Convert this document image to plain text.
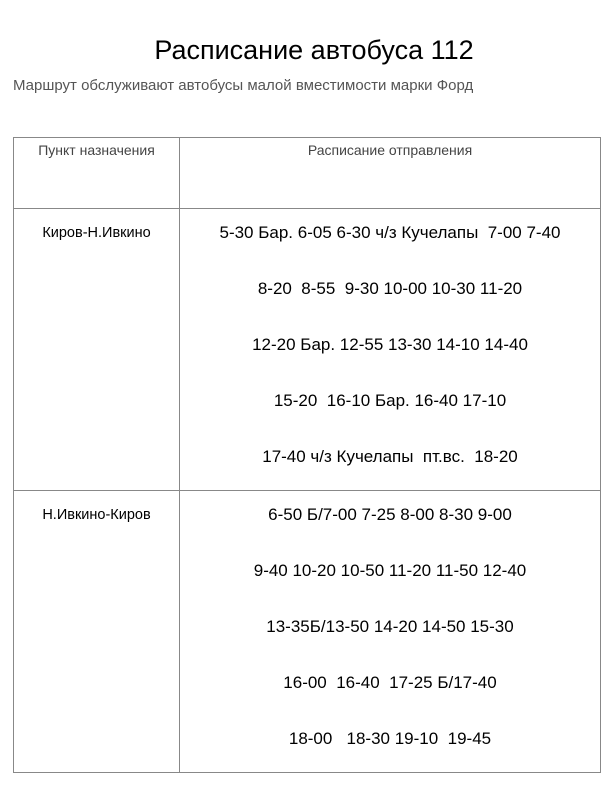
Расписание автобуса 112

Маршрут обслуживают автобусы малой вместимости марки Форд

Пункт назначения	Расписание отправления

Киров-Н.Ивкино	5-30 Бар. 6-05 6-30 ч/з Кучелапы  7-00 7-40
8-20  8-55  9-30 10-00 10-30 11-20
12-20 Бар. 12-55 13-30 14-10 14-40
15-20  16-10 Бар. 16-40 17-10
17-40 ч/з Кучелапы  пт.вс.  18-20

Н.Ивкино-Киров	6-50 Б/7-00 7-25 8-00 8-30 9-00
9-40 10-20 10-50 11-20 11-50 12-40
13-35Б/13-50 14-20 14-50 15-30
16-00  16-40  17-25 Б/17-40
18-00   18-30 19-10  19-45
